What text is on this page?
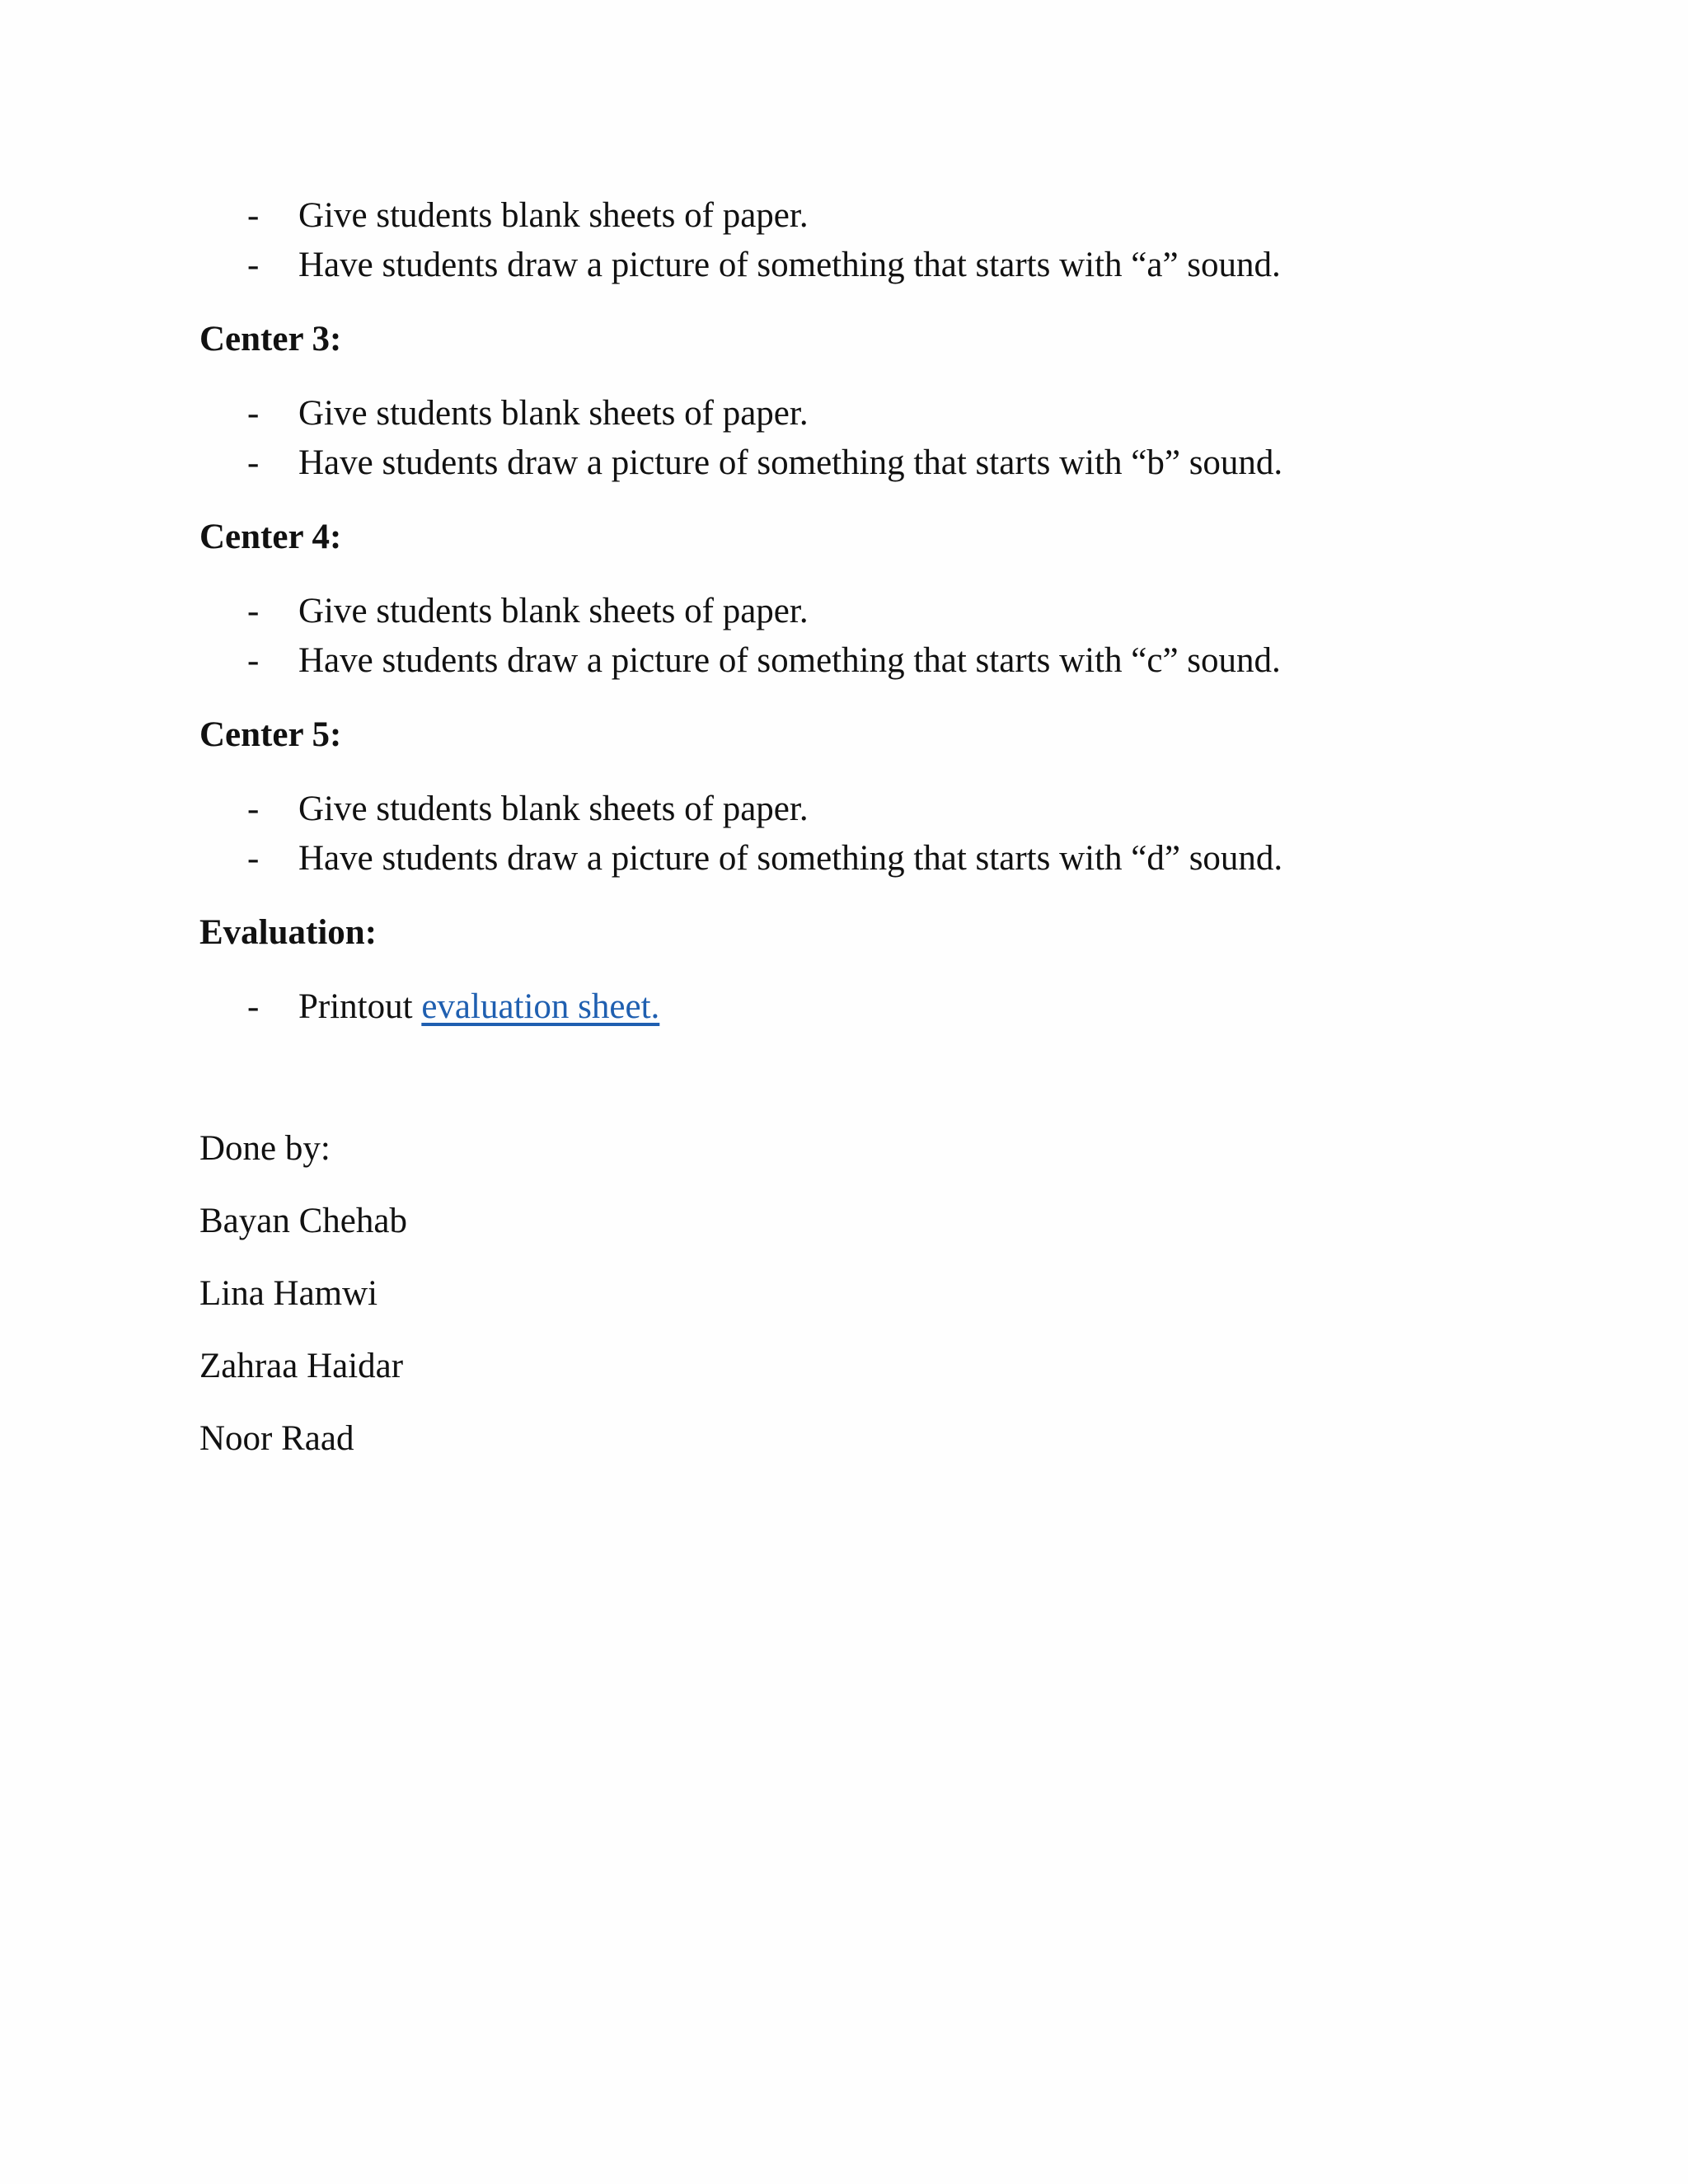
- Give students blank sheets of paper.
- Have students draw a picture of something that starts with “a” sound.
Center 3:
- Give students blank sheets of paper.
- Have students draw a picture of something that starts with “b” sound.
Center 4:
- Give students blank sheets of paper.
- Have students draw a picture of something that starts with “c” sound.
Center 5:
- Give students blank sheets of paper.
- Have students draw a picture of something that starts with “d” sound.
Evaluation:
- Printout evaluation sheet.

Done by:

Bayan Chehab

Lina Hamwi

Zahraa Haidar

Noor Raad
